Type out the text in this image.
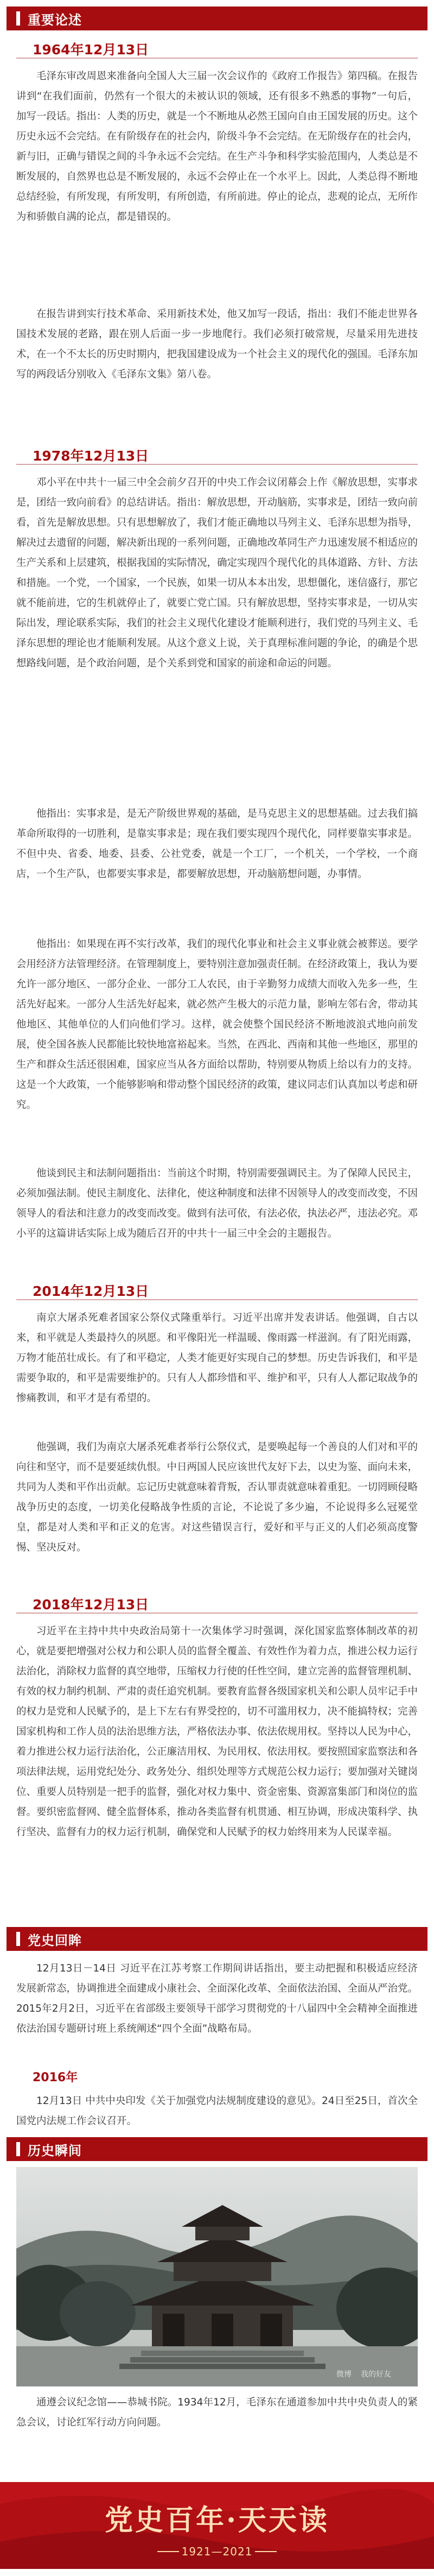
重要论述
1964年12月13日

毛泽东审改周恩来准备向全国人大三届一次会议作的《政府工作报告》第四稿。在报告讲到“在我们面前，仍然有一个很大的未被认识的领域，还有很多不熟悉的事物”一句后，加写一段话。指出：人类的历史，就是一个不断地从必然王国向自由王国发展的历史。这个历史永远不会完结。在有阶级存在的社会内，阶级斗争不会完结。在无阶级存在的社会内，新与旧，正确与错误之间的斗争永远不会完结。在生产斗争和科学实验范围内，人类总是不断发展的，自然界也总是不断发展的，永远不会停止在一个水平上。因此，人类总得不断地总结经验，有所发现，有所发明，有所创造，有所前进。停止的论点，悲观的论点，无所作为和骄傲自满的论点，都是错误的。

在报告讲到实行技术革命、采用新技术处，他又加写一段话，指出：我们不能走世界各国技术发展的老路，跟在别人后面一步一步地爬行。我们必须打破常规，尽量采用先进技术，在一个不太长的历史时期内，把我国建设成为一个社会主义的现代化的强国。毛泽东加写的两段话分别收入《毛泽东文集》第八卷。

1978年12月13日

邓小平在中共十一届三中全会前夕召开的中央工作会议闭幕会上作《解放思想，实事求是，团结一致向前看》的总结讲话。指出：解放思想，开动脑筋，实事求是，团结一致向前看，首先是解放思想。只有思想解放了，我们才能正确地以马列主义、毛泽东思想为指导，解决过去遗留的问题，解决新出现的一系列问题，正确地改革同生产力迅速发展不相适应的生产关系和上层建筑，根据我国的实际情况，确定实现四个现代化的具体道路、方针、方法和措施。一个党，一个国家，一个民族，如果一切从本本出发，思想僵化，迷信盛行，那它就不能前进，它的生机就停止了，就要亡党亡国。只有解放思想，坚持实事求是，一切从实际出发，理论联系实际，我们的社会主义现代化建设才能顺利进行，我们党的马列主义、毛泽东思想的理论也才能顺利发展。从这个意义上说，关于真理标准问题的争论，的确是个思想路线问题，是个政治问题，是个关系到党和国家的前途和命运的问题。

他指出：实事求是，是无产阶级世界观的基础，是马克思主义的思想基础。过去我们搞革命所取得的一切胜利，是靠实事求是；现在我们要实现四个现代化，同样要靠实事求是。不但中央、省委、地委、县委、公社党委，就是一个工厂，一个机关，一个学校，一个商店，一个生产队，也都要实事求是，都要解放思想，开动脑筋想问题，办事情。

他指出：如果现在再不实行改革，我们的现代化事业和社会主义事业就会被葬送。要学会用经济方法管理经济。在管理制度上，要特别注意加强责任制。在经济政策上，我认为要允许一部分地区、一部分企业、一部分工人农民，由于辛勤努力成绩大而收入先多一些，生活先好起来。一部分人生活先好起来，就必然产生极大的示范力量，影响左邻右舍，带动其他地区、其他单位的人们向他们学习。这样，就会使整个国民经济不断地波浪式地向前发展，使全国各族人民都能比较快地富裕起来。当然，在西北、西南和其他一些地区，那里的生产和群众生活还很困难，国家应当从各方面给以帮助，特别要从物质上给以有力的支持。这是一个大政策，一个能够影响和带动整个国民经济的政策，建议同志们认真加以考虑和研究。

他谈到民主和法制问题指出：当前这个时期，特别需要强调民主。为了保障人民民主，必须加强法制。使民主制度化、法律化，使这种制度和法律不因领导人的改变而改变，不因领导人的看法和注意力的改变而改变。做到有法可依，有法必依，执法必严，违法必究。邓小平的这篇讲话实际上成为随后召开的中共十一届三中全会的主题报告。

2014年12月13日

南京大屠杀死难者国家公祭仪式隆重举行。习近平出席并发表讲话。他强调，自古以来，和平就是人类最持久的夙愿。和平像阳光一样温暖、像雨露一样滋润。有了阳光雨露，万物才能茁壮成长。有了和平稳定，人类才能更好实现自己的梦想。历史告诉我们，和平是需要争取的，和平是需要维护的。只有人人都珍惜和平、维护和平，只有人人都记取战争的惨痛教训，和平才是有希望的。

他强调，我们为南京大屠杀死难者举行公祭仪式，是要唤起每一个善良的人们对和平的向往和坚守，而不是要延续仇恨。中日两国人民应该世代友好下去，以史为鉴、面向未来，共同为人类和平作出贡献。忘记历史就意味着背叛，否认罪责就意味着重犯。一切罔顾侵略战争历史的态度，一切美化侵略战争性质的言论，不论说了多少遍，不论说得多么冠冕堂皇，都是对人类和平和正义的危害。对这些错误言行，爱好和平与正义的人们必须高度警惕、坚决反对。

2018年12月13日

习近平在主持中共中央政治局第十一次集体学习时强调，深化国家监察体制改革的初心，就是要把增强对公权力和公职人员的监督全覆盖、有效性作为着力点，推进公权力运行法治化，消除权力监督的真空地带，压缩权力行使的任性空间，建立完善的监督管理机制、有效的权力制约机制、严肃的责任追究机制。要教育监督各级国家机关和公职人员牢记手中的权力是党和人民赋予的，是上下左右有界受控的，切不可滥用权力，决不能搞特权；完善国家机构和工作人员的法治思维方法，严格依法办事、依法依规用权。坚持以人民为中心，着力推进公权力运行法治化，公正廉洁用权、为民用权、依法用权。要按照国家监察法和各项法律法规，运用党纪处分、政务处分、组织处理等方式规范公权力运行；要加强对关键岗位、重要人员特别是一把手的监督，强化对权力集中、资金密集、资源富集部门和岗位的监督。要织密监督网、健全监督体系，推动各类监督有机贯通、相互协调，形成决策科学、执行坚决、监督有力的权力运行机制，确保党和人民赋予的权力始终用来为人民谋幸福。

党史回眸

12月13日－14日 习近平在江苏考察工作期间讲话指出，要主动把握和积极适应经济发展新常态，协调推进全面建成小康社会、全面深化改革、全面依法治国、全面从严治党。2015年2月2日，习近平在省部级主要领导干部学习贯彻党的十八届四中全会精神全面推进依法治国专题研讨班上系统阐述“四个全面”战略布局。

2016年

12月13日 中共中央印发《关于加强党内法规制度建设的意见》。24日至25日，首次全国党内法规工作会议召开。

历史瞬间
微博 我的好友

通遵会议纪念馆——恭城书院。1934年12月，毛泽东在通道参加中共中央负责人的紧急会议，讨论红军行动方向问题。

党史百年·天天读
1921—2021
